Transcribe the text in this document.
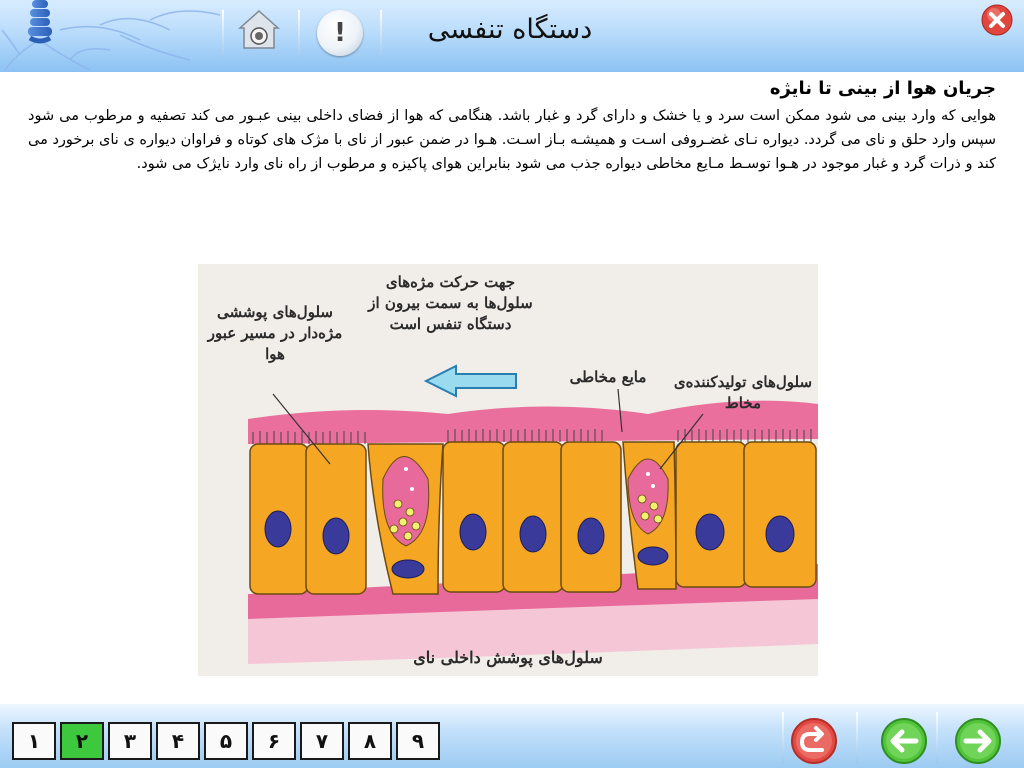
!	دستگاه تنفسی
جریان هوا از بینی تا نایژه
هوایی که وارد بینی می شود ممکن است سرد و یا خشک و دارای گرد و غبار باشد. هنگامی که هوا از فضای داخلی بینی عبـور می کند تصفیه و مرطوب می شود سپس وارد حلق و نای می گردد. دیواره نـای غضـروفی اسـت و همیشـه بـاز اسـت. هـوا در ضمن عبور از نای با مژک های کوتاه و فراوان دیواره ی نای برخورد می کند و ذرات گرد و غبار موجود در هـوا توسـط مـایع مخاطی دیواره جذب می شود بنابراین هوای پاکیزه و مرطوب از راه نای وارد نایژک می شود.
جهت حرکت مژه‌های سلول‌ها به سمت بیرون از دستگاه تنفس است
سلول‌های پوششی مژه‌دار در مسیر عبور هوا
مایع مخاطی	سلول‌های تولیدکننده‌ی مخاط
سلول‌های پوشش داخلی نای
۱	۲	۳	۴	۵	۶	۷	۸	۹
